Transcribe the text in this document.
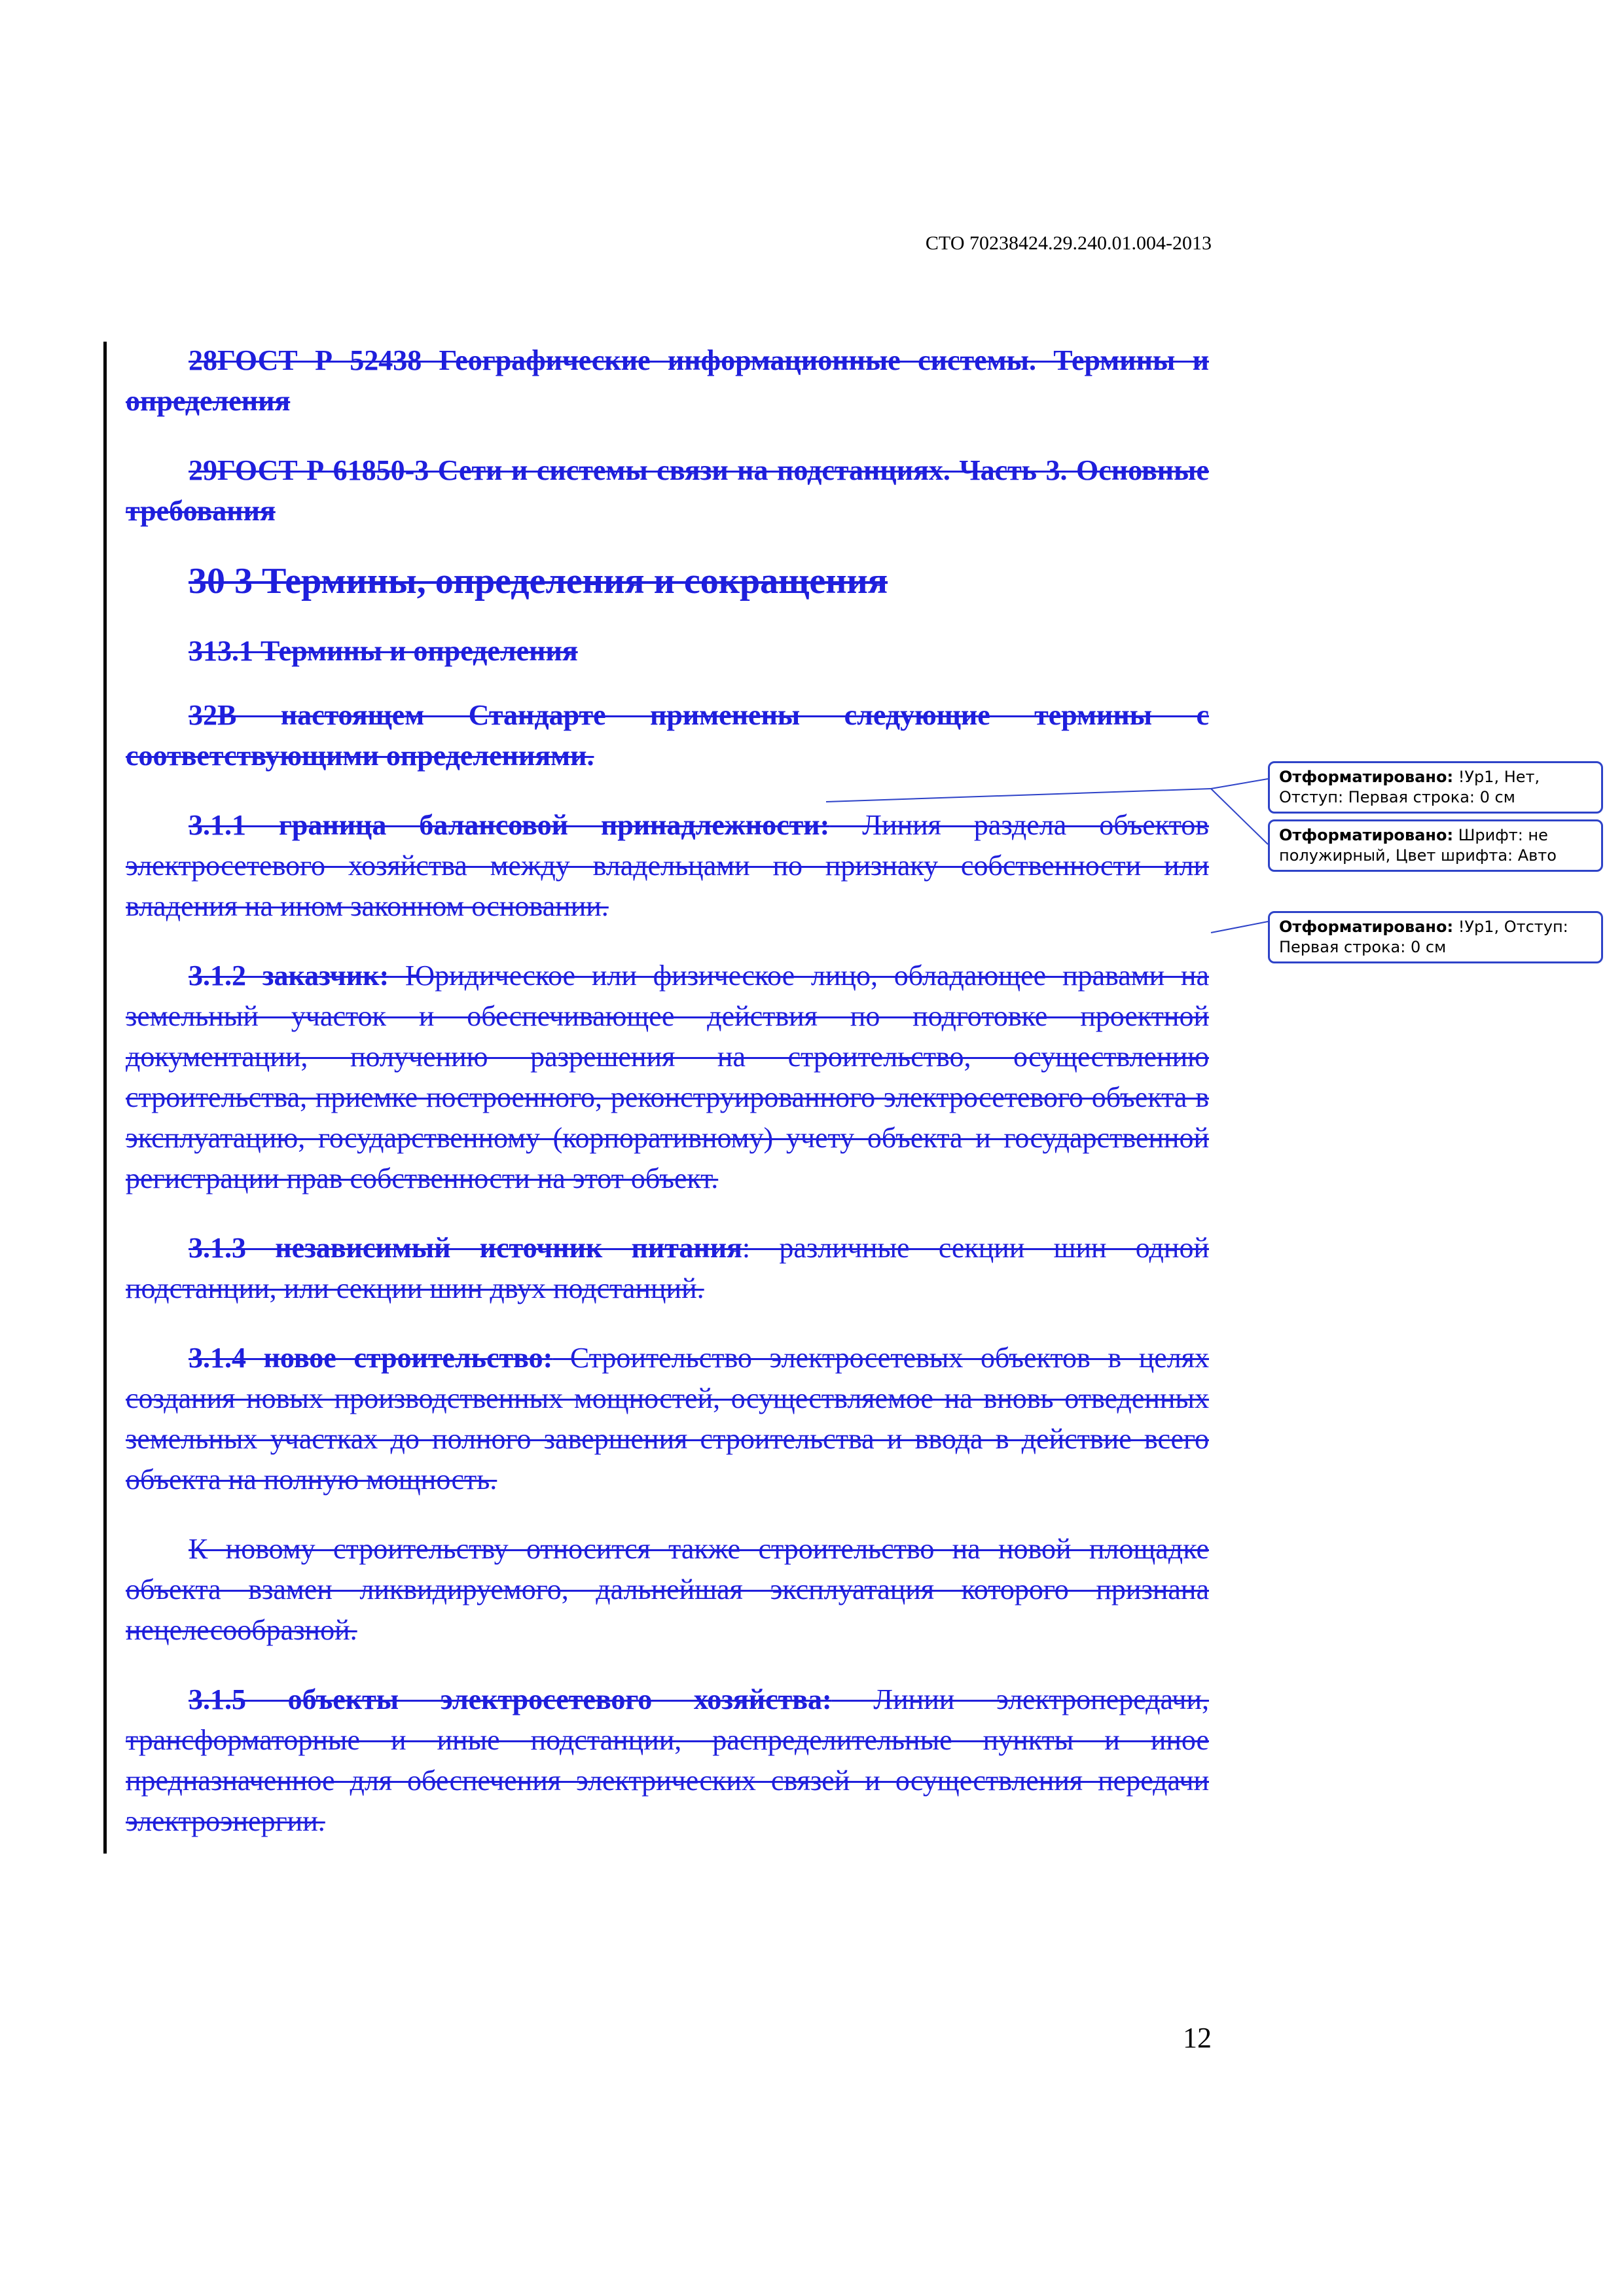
СТО 70238424.29.240.01.004-2013

28ГОСТ Р 52438 Географические информационные системы. Термины и определения

29ГОСТ Р 61850-3 Сети и системы связи на подстанциях. Часть 3. Основные требования

30 3 Термины, определения и сокращения

313.1 Термины и определения

32В настоящем Стандарте применены следующие термины с соответствующими определениями.

3.1.1 граница балансовой принадлежности: Линия раздела объектов электросетевого хозяйства между владельцами по признаку собственности или владения на ином законном основании.

3.1.2 заказчик: Юридическое или физическое лицо, обладающее правами на земельный участок и обеспечивающее действия по подготовке проектной документации, получению разрешения на строительство, осуществлению строительства, приемке построенного, реконструированного электросетевого объекта в эксплуатацию, государственному (корпоративному) учету объекта и государственной регистрации прав собственности на этот объект.

3.1.3 независимый источник питания: различные секции шин одной подстанции, или секции шин двух подстанций.

3.1.4 новое строительство: Строительство электросетевых объектов в целях создания новых производственных мощностей, осуществляемое на вновь отведенных земельных участках до полного завершения строительства и ввода в действие всего объекта на полную мощность.

К новому строительству относится также строительство на новой площадке объекта взамен ликвидируемого, дальнейшая эксплуатация которого признана нецелесообразной.

3.1.5 объекты электросетевого хозяйства: Линии электропередачи, трансформаторные и иные подстанции, распределительные пункты и иное предназначенное для обеспечения электрических связей и осуществления передачи электроэнергии.

Отформатировано: !Ур1, Нет, Отступ: Первая строка: 0 см
Отформатировано: Шрифт: не полужирный, Цвет шрифта: Авто
Отформатировано: !Ур1, Отступ: Первая строка: 0 см
12
